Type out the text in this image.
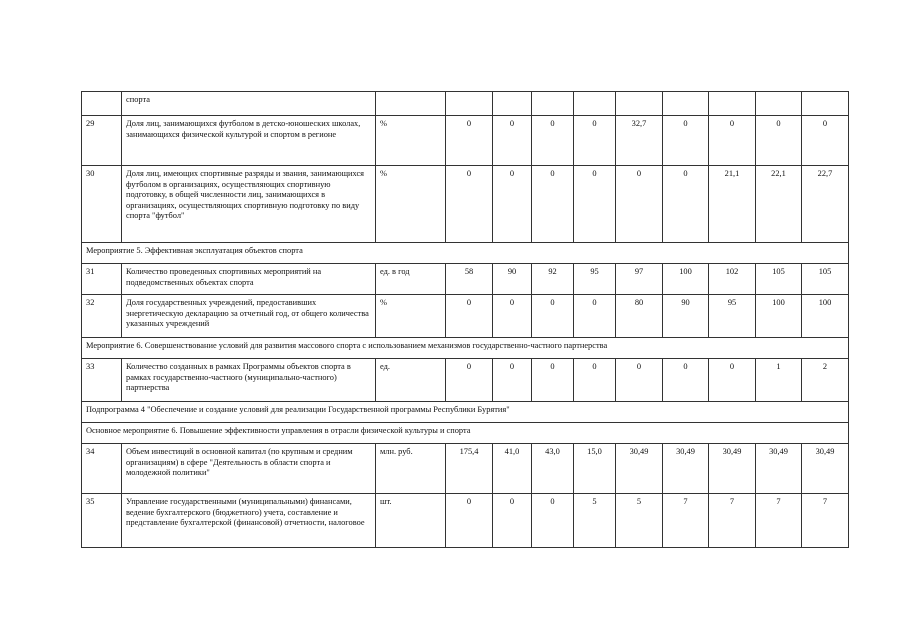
	спорта										
29	Доля лиц, занимающихся футболом в детско-юношеских школах, занимающихся физической культурой и спортом в регионе	%	0	0	0	0	32,7	0	0	0	0
30	Доля лиц, имеющих спортивные разряды и звания, занимающихся футболом в организациях, осуществляющих спортивную подготовку, в общей численности лиц, занимающихся в организациях, осуществляющих спортивную подготовку по виду спорта "футбол"	%	0	0	0	0	0	0	21,1	22,1	22,7
Мероприятие 5. Эффективная эксплуатация объектов спорта											
31	Количество проведенных спортивных мероприятий на подведомственных объектах спорта	ед. в год	58	90	92	95	97	100	102	105	105
32	Доля государственных учреждений, предоставивших энергетическую декларацию за отчетный год, от общего количества указанных учреждений	%	0	0	0	0	80	90	95	100	100
Мероприятие 6. Совершенствование условий для развития массового спорта с использованием механизмов государственно-частного партнерства											
33	Количество созданных в рамках Программы объектов спорта в рамках государственно-частного (муниципально-частного) партнерства	ед.	0	0	0	0	0	0	0	1	2
Подпрограмма 4 "Обеспечение и создание условий для реализации Государственной программы Республики Бурятия"											
Основное мероприятие 6. Повышение эффективности управления в отрасли физической культуры и спорта											
34	Объем инвестиций в основной капитал (по крупным и средним организациям) в сфере "Деятельность в области спорта и молодежной политики"	млн. руб.	175,4	41,0	43,0	15,0	30,49	30,49	30,49	30,49	30,49
35	Управление государственными (муниципальными) финансами, ведение бухгалтерского (бюджетного) учета, составление и представление бухгалтерской (финансовой) отчетности, налоговое	шт.	0	0	0	5	5	7	7	7	7
